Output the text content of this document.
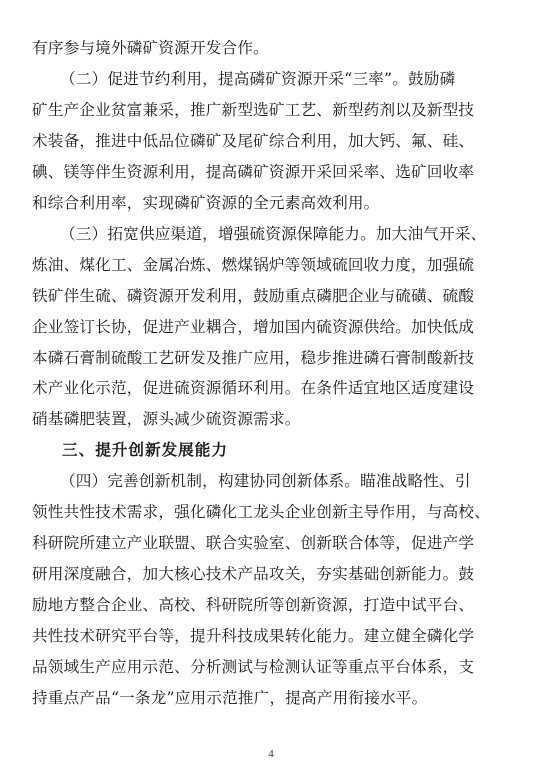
有序参与境外磷矿资源开发合作。
（二）促进节约利用，提高磷矿资源开采“三率”。鼓励磷
矿生产企业贫富兼采，推广新型选矿工艺、新型药剂以及新型技
术装备，推进中低品位磷矿及尾矿综合利用，加大钙、氟、硅、
碘、镁等伴生资源利用，提高磷矿资源开采回采率、选矿回收率
和综合利用率，实现磷矿资源的全元素高效利用。
（三）拓宽供应渠道，增强硫资源保障能力。加大油气开采、
炼油、煤化工、金属冶炼、燃煤锅炉等领域硫回收力度，加强硫
铁矿伴生硫、磷资源开发利用，鼓励重点磷肥企业与硫磺、硫酸
企业签订长协，促进产业耦合，增加国内硫资源供给。加快低成
本磷石膏制硫酸工艺研发及推广应用，稳步推进磷石膏制酸新技
术产业化示范，促进硫资源循环利用。在条件适宜地区适度建设
硝基磷肥装置，源头减少硫资源需求。
三、提升创新发展能力
（四）完善创新机制，构建协同创新体系。瞄准战略性、引
领性共性技术需求，强化磷化工龙头企业创新主导作用，与高校、
科研院所建立产业联盟、联合实验室、创新联合体等，促进产学
研用深度融合，加大核心技术产品攻关，夯实基础创新能力。鼓
励地方整合企业、高校、科研院所等创新资源，打造中试平台、
共性技术研究平台等，提升科技成果转化能力。建立健全磷化学
品领域生产应用示范、分析测试与检测认证等重点平台体系，支
持重点产品“一条龙”应用示范推广，提高产用衔接水平。
4
